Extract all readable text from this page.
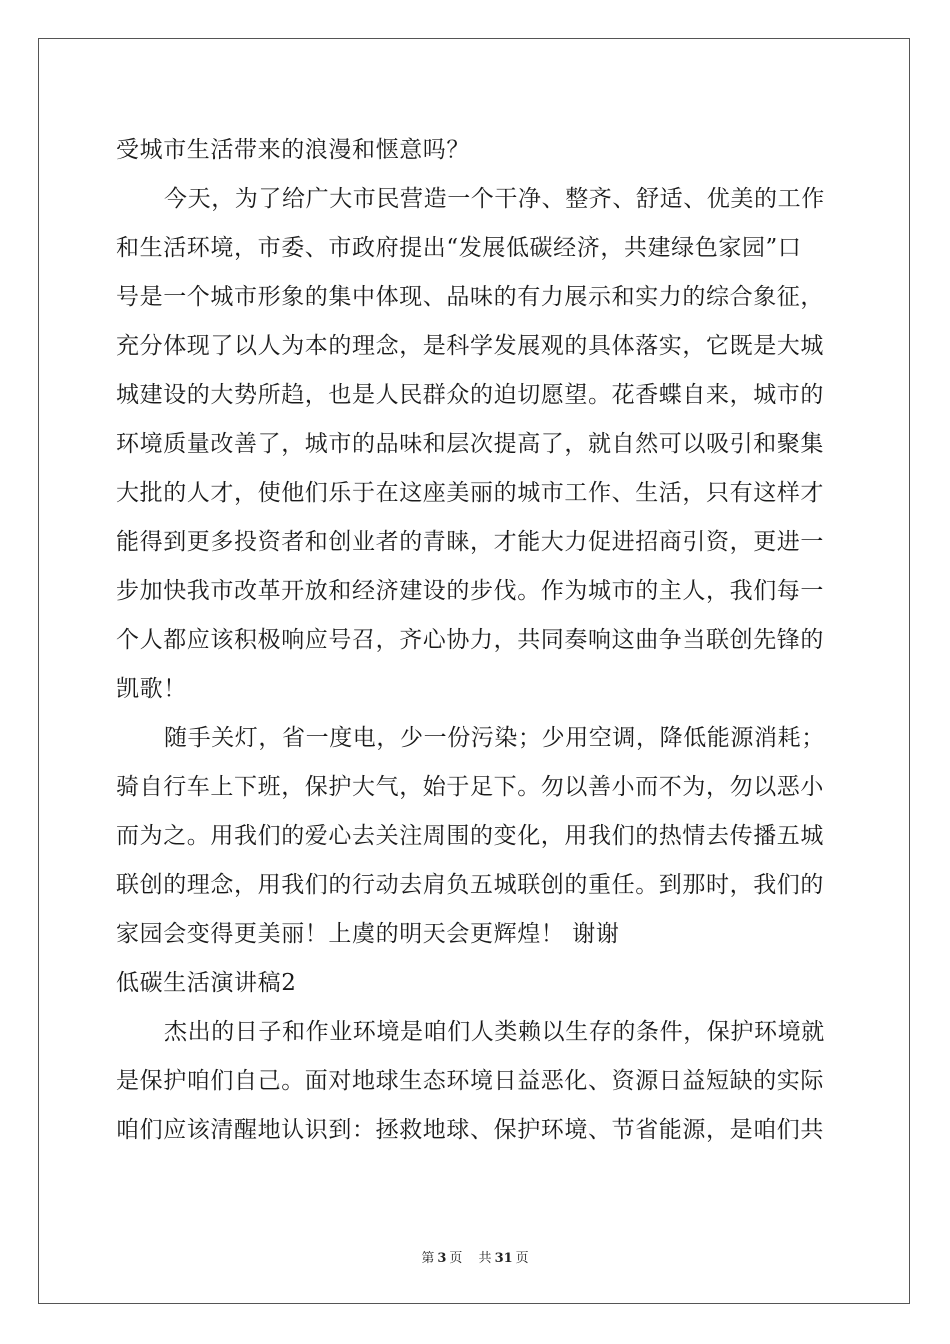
受城市生活带来的浪漫和惬意吗？
今天，为了给广大市民营造一个干净、整齐、舒适、优美的工作
和生活环境，市委、市政府提出“发展低碳经济，共建绿色家园”口
号是一个城市形象的集中体现、品味的有力展示和实力的综合象征，
充分体现了以人为本的理念，是科学发展观的具体落实，它既是大城
城建设的大势所趋，也是人民群众的迫切愿望。花香蝶自来，城市的
环境质量改善了，城市的品味和层次提高了，就自然可以吸引和聚集
大批的人才，使他们乐于在这座美丽的城市工作、生活，只有这样才
能得到更多投资者和创业者的青睐，才能大力促进招商引资，更进一
步加快我市改革开放和经济建设的步伐。作为城市的主人，我们每一
个人都应该积极响应号召，齐心协力，共同奏响这曲争当联创先锋的
凯歌！
随手关灯，省一度电，少一份污染；少用空调，降低能源消耗；
骑自行车上下班，保护大气，始于足下。勿以善小而不为，勿以恶小
而为之。用我们的爱心去关注周围的变化，用我们的热情去传播五城
联创的理念，用我们的行动去肩负五城联创的重任。到那时，我们的
家园会变得更美丽！上虞的明天会更辉煌！ 谢谢
低碳生活演讲稿2
杰出的日子和作业环境是咱们人类赖以生存的条件，保护环境就
是保护咱们自己。面对地球生态环境日益恶化、资源日益短缺的实际
咱们应该清醒地认识到：拯救地球、保护环境、节省能源，是咱们共
第 3 页 共 31 页
